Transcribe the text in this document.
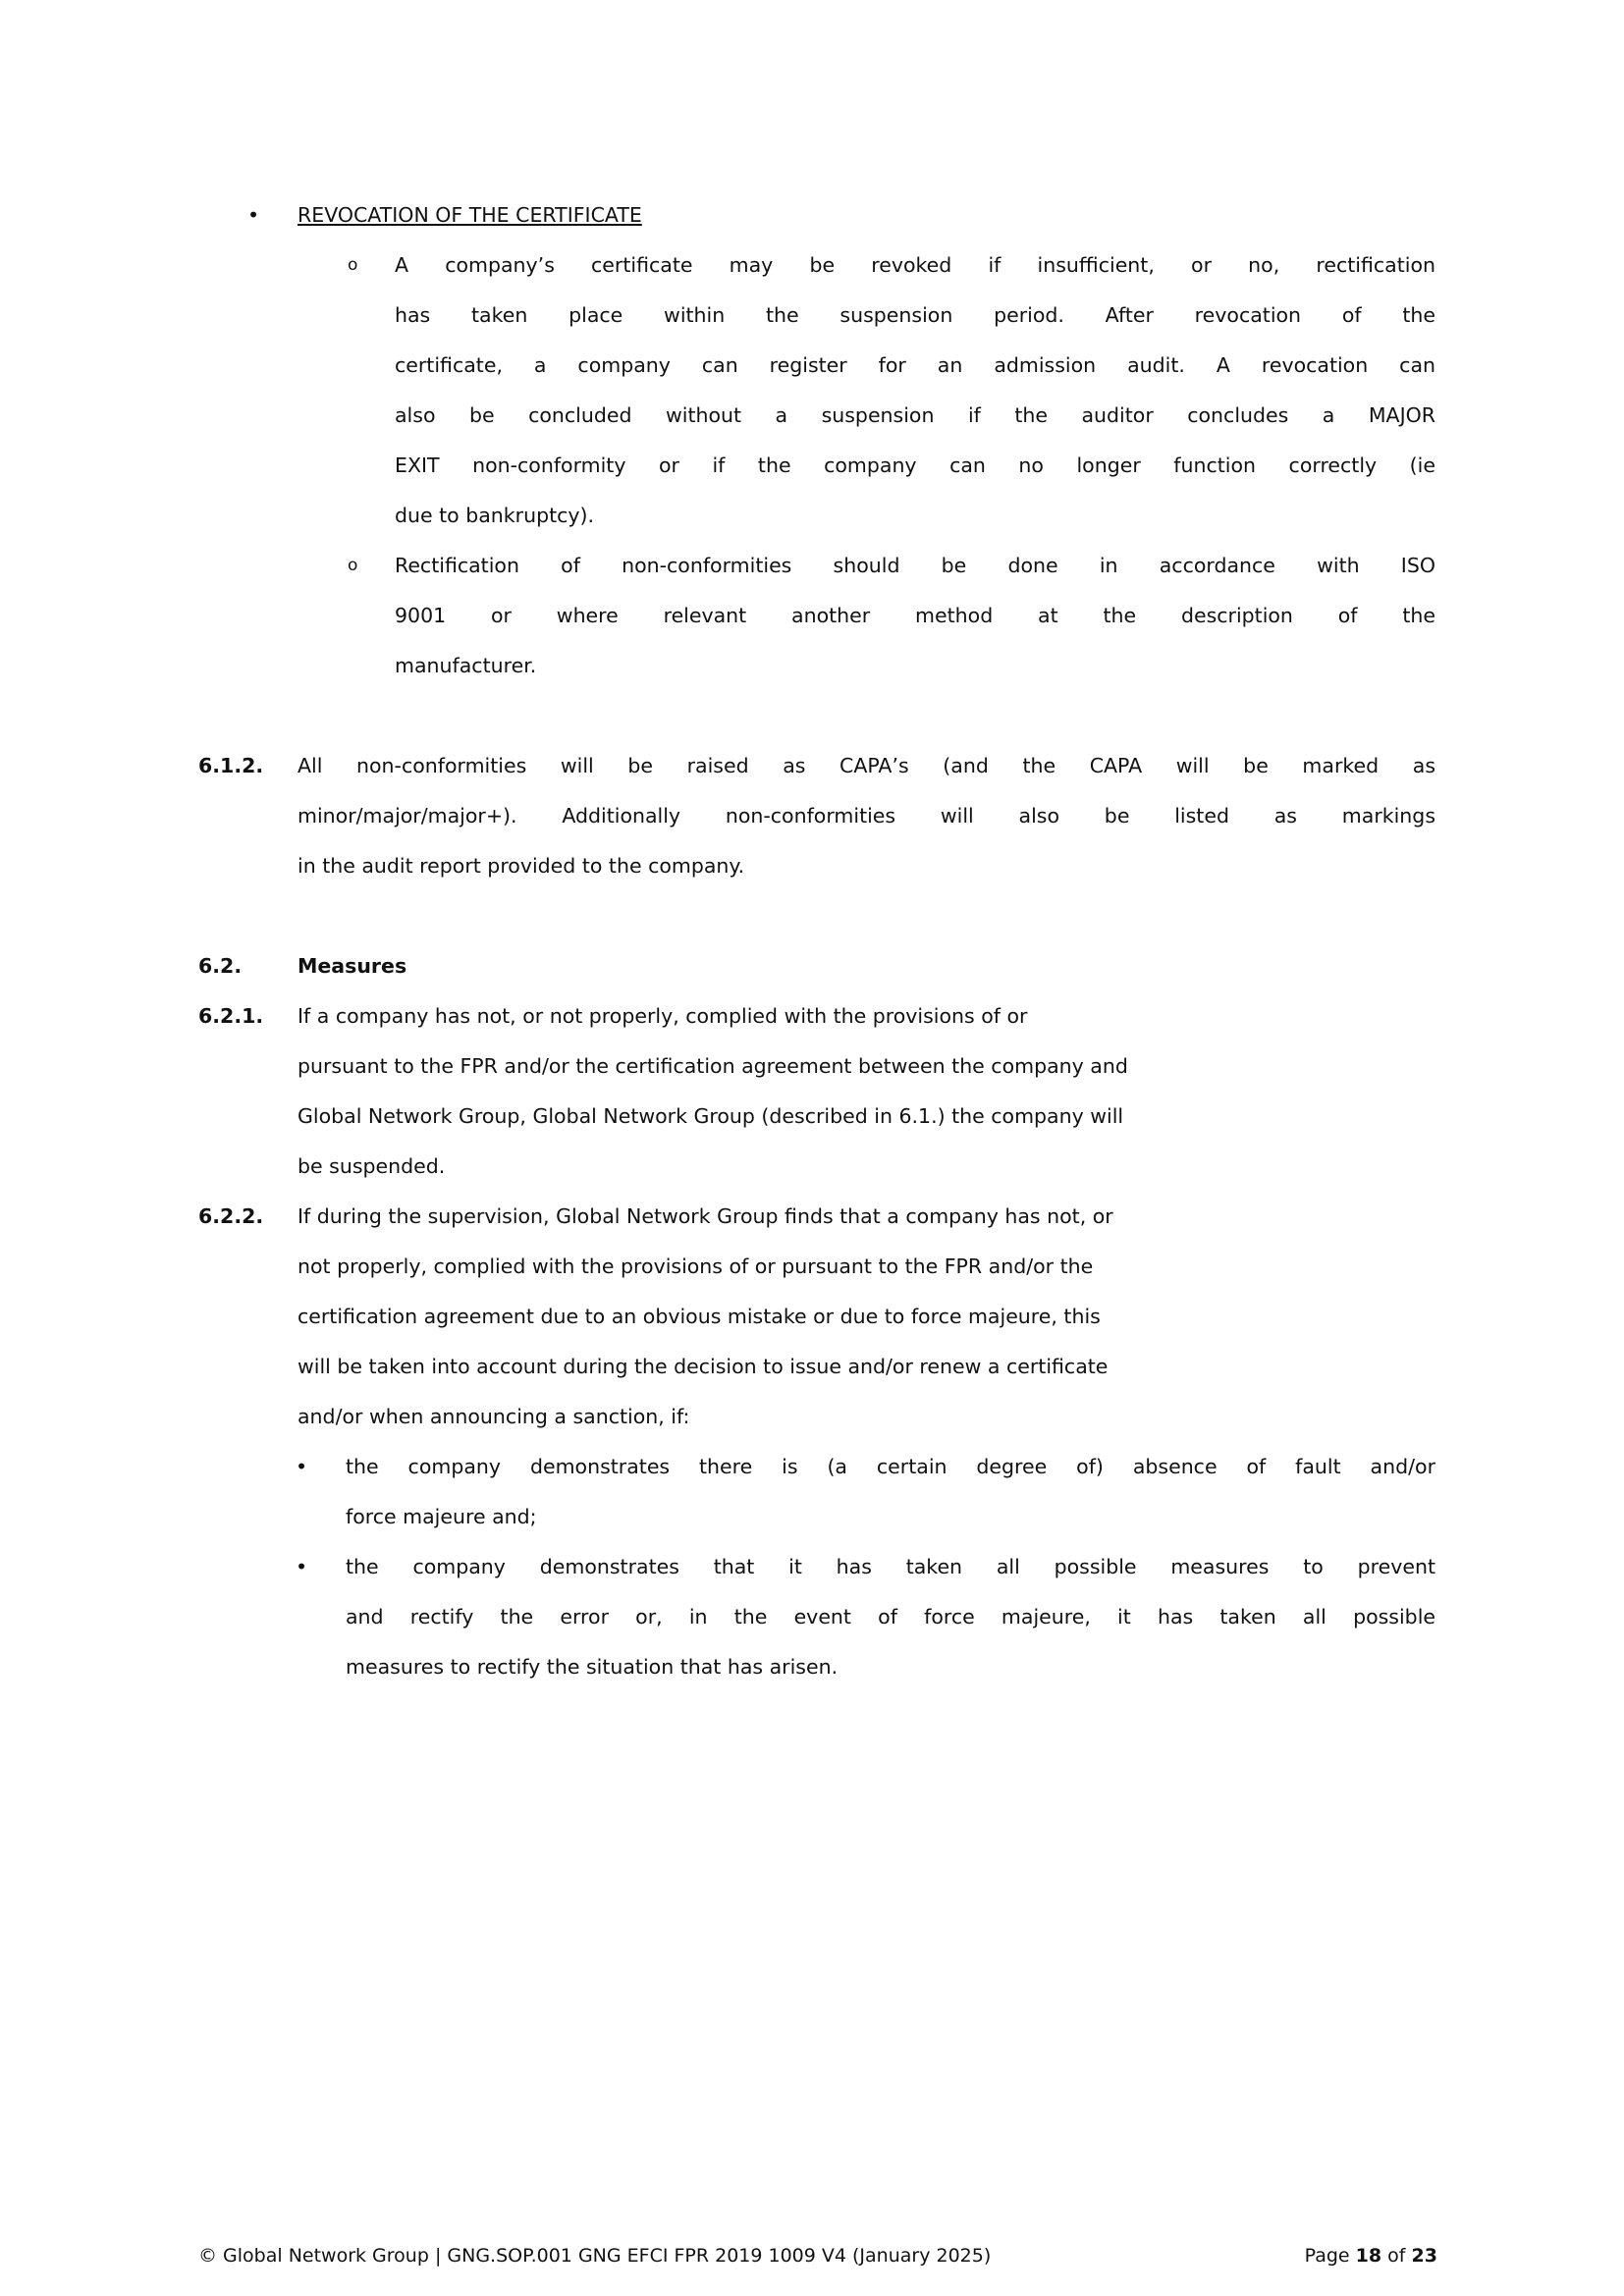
• REVOCATION OF THE CERTIFICATE
6.1.2.
6.2.	Measures
6.2.1.
6.2.2.
© Global Network Group | GNG.SOP.001 GNG EFCI FPR 2019 1009 V4 (January 2025)	Page 18 of 23
o A company’s certificate may be revoked if insufficient, or no, rectification
has taken place within the suspension period. After revocation of the
certificate, a company can register for an admission audit. A revocation can
also be concluded without a suspension if the auditor concludes a MAJOR
EXIT non-conformity or if the company can no longer function correctly (ie
due to bankruptcy).
o Rectification of non-conformities should be done in accordance with ISO
9001 or where relevant another method at the description of the
manufacturer.
All non-conformities will be raised as CAPA’s (and the CAPA will be marked as
minor/major/major+). Additionally non-conformities will also be listed as markings
in the audit report provided to the company.
If a company has not, or not properly, complied with the provisions of or
pursuant to the FPR and/or the certification agreement between the company and
Global Network Group, Global Network Group (described in 6.1.) the company will
be suspended.
If during the supervision, Global Network Group finds that a company has not, or
not properly, complied with the provisions of or pursuant to the FPR and/or the
certification agreement due to an obvious mistake or due to force majeure, this
will be taken into account during the decision to issue and/or renew a certificate
and/or when announcing a sanction, if:
• the company demonstrates there is (a certain degree of) absence of fault and/or
force majeure and;
• the company demonstrates that it has taken all possible measures to prevent
and rectify the error or, in the event of force majeure, it has taken all possible
measures to rectify the situation that has arisen.
